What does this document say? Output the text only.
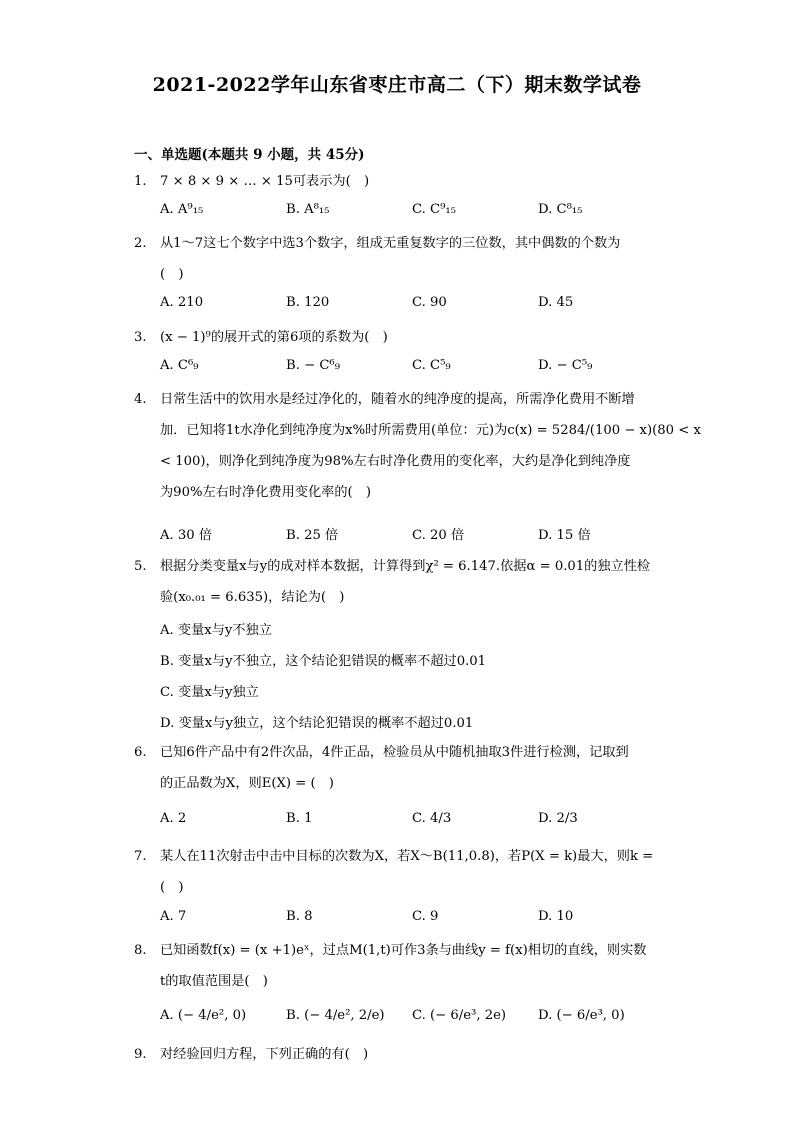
2021-2022学年山东省枣庄市高二（下）期末数学试卷
一、单选题(本题共 9 小题，共 45分)
1.	7 × 8 × 9 × … × 15可表示为(　)
A. A⁹₁₅	B. A⁸₁₅	C. C⁹₁₅	D. C⁸₁₅
2.	从1～7这七个数字中选3个数字，组成无重复数字的三位数，其中偶数的个数为
(　)
A. 210	B. 120	C. 90	D. 45
3.	(x − 1)⁹的展开式的第6项的系数为(　)
A. C⁶₉	B. − C⁶₉	C. C⁵₉	D. − C⁵₉
4.	日常生活中的饮用水是经过净化的，随着水的纯净度的提高，所需净化费用不断增
加．已知将1t水净化到纯净度为x%时所需费用(单位：元)为c(x) = 5284/(100 − x)(80 < x
< 100)，则净化到纯净度为98%左右时净化费用的变化率，大约是净化到纯净度
为90%左右时净化费用变化率的(　)
A. 30 倍	B. 25 倍	C. 20 倍	D. 15 倍
5.	根据分类变量x与y的成对样本数据，计算得到χ² = 6.147.依据α = 0.01的独立性检
验(x₀.₀₁ = 6.635)，结论为(　)
A. 变量x与y不独立
B. 变量x与y不独立，这个结论犯错误的概率不超过0.01
C. 变量x与y独立
D. 变量x与y独立，这个结论犯错误的概率不超过0.01
6.	已知6件产品中有2件次品，4件正品，检验员从中随机抽取3件进行检测，记取到
的正品数为X，则E(X) = (　)
A. 2	B. 1	C. 4/3	D. 2/3
7.	某人在11次射击中击中目标的次数为X，若X～B(11,0.8)，若P(X = k)最大，则k =
(　)
A. 7	B. 8	C. 9	D. 10
8.	已知函数f(x) = (x +1)eˣ，过点M(1,t)可作3条与曲线y = f(x)相切的直线，则实数
t的取值范围是(　)
A. (− 4/e², 0)	B. (− 4/e², 2/e) C. (− 6/e³, 2e) D. (− 6/e³, 0)
9.	对经验回归方程，下列正确的有(　)
